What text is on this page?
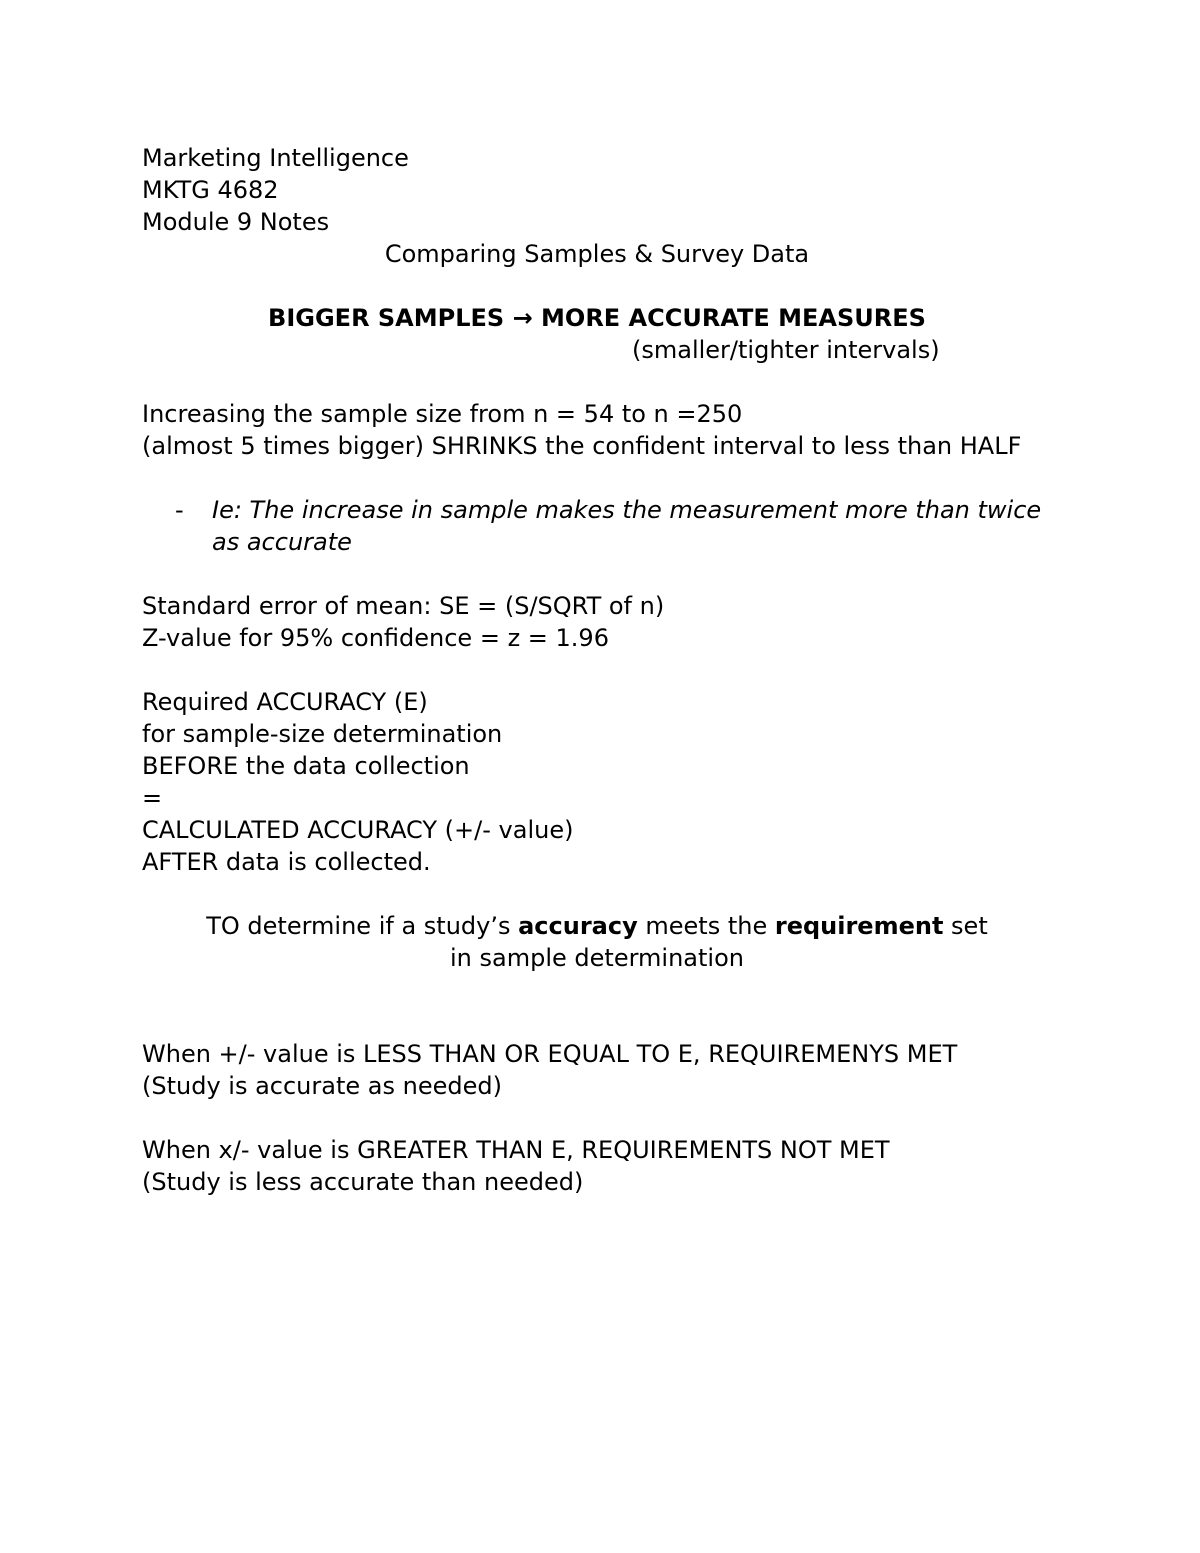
Marketing Intelligence
MKTG 4682
Module 9 Notes
Comparing Samples & Survey Data
BIGGER SAMPLES → MORE ACCURATE MEASURES
(smaller/tighter intervals)
Increasing the sample size from n = 54 to n =250
(almost 5 times bigger) SHRINKS the confident interval to less than HALF
- Ie: The increase in sample makes the measurement more than twice as accurate
Standard error of mean: SE = (S/SQRT of n)
Z-value for 95% confidence = z = 1.96
Required ACCURACY (E)
for sample-size determination
BEFORE the data collection
=
CALCULATED ACCURACY (+/- value)
AFTER data is collected.
TO determine if a study’s accuracy meets the requirement set
in sample determination
When +/- value is LESS THAN OR EQUAL TO E, REQUIREMENYS MET
(Study is accurate as needed)
When x/- value is GREATER THAN E, REQUIREMENTS NOT MET
(Study is less accurate than needed)
